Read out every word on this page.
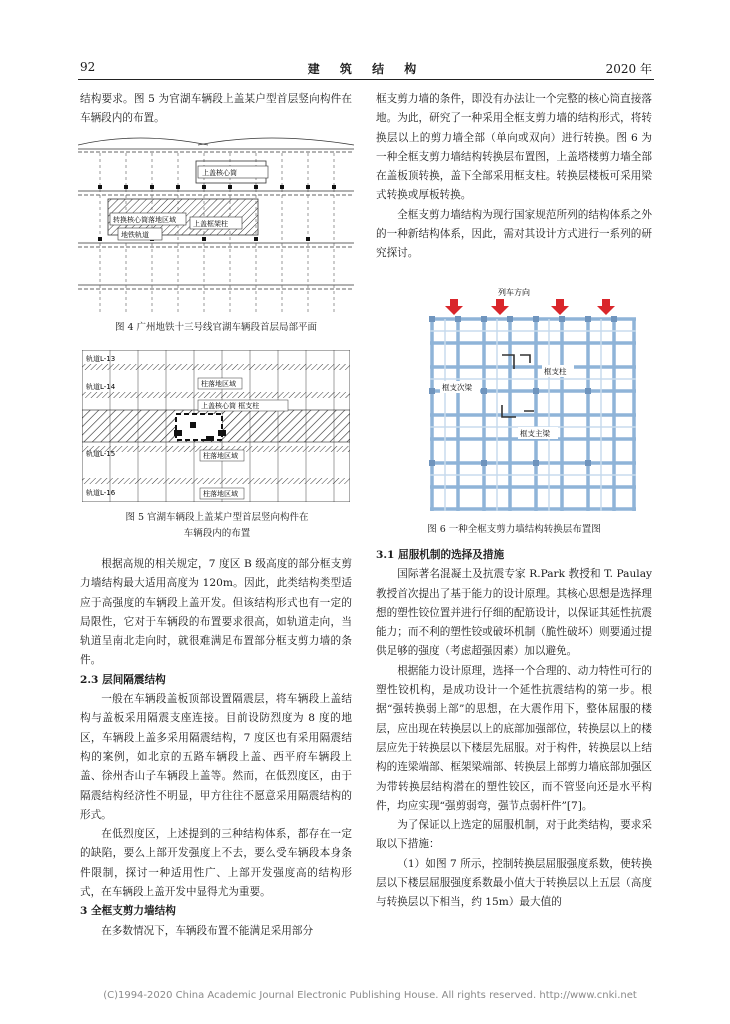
92	建 筑 结 构	2020 年

结构要求。图 5 为官湖车辆段上盖某户型首层竖向构件在车辆段内的布置。

上盖核心筒
转换核心筒落地区域 上盖框架柱
地铁轨道
图 4 广州地铁十三号线官湖车辆段首层局部平面
轨道L-13
轨道L-14
轨道L-15
轨道L-16
柱落地区域
上盖核心筒 框支柱
柱落地区域
柱落地区域
图 5 官湖车辆段上盖某户型首层竖向构件在
车辆段内的布置

根据高规的相关规定，7 度区 B 级高度的部分框支剪力墙结构最大适用高度为 120m。因此，此类结构类型适应于高强度的车辆段上盖开发。但该结构形式也有一定的局限性，它对于车辆段的布置要求很高，如轨道走向，当轨道呈南北走向时，就很难满足布置部分框支剪力墙的条件。

2.3 层间隔震结构

一般在车辆段盖板顶部设置隔震层，将车辆段上盖结构与盖板采用隔震支座连接。目前设防烈度为 8 度的地区，车辆段上盖多采用隔震结构，7 度区也有采用隔震结构的案例，如北京的五路车辆段上盖、西平府车辆段上盖、徐州杏山子车辆段上盖等。然而，在低烈度区，由于隔震结构经济性不明显，甲方往往不愿意采用隔震结构的形式。

在低烈度区，上述提到的三种结构体系，都存在一定的缺陷，要么上部开发强度上不去，要么受车辆段本身条件限制，探讨一种适用性广、上部开发强度高的结构形式，在车辆段上盖开发中显得尤为重要。

3 全框支剪力墙结构

在多数情况下，车辆段布置不能满足采用部分

框支剪力墙的条件，即没有办法让一个完整的核心筒直接落地。为此，研究了一种采用全框支剪力墙的结构形式，将转换层以上的剪力墙全部（单向或双向）进行转换。图 6 为一种全框支剪力墙结构转换层布置图，上盖塔楼剪力墙全部在盖板顶转换，盖下全部采用框支柱。转换层楼板可采用梁式转换或厚板转换。

全框支剪力墙结构为现行国家规范所列的结构体系之外的一种新结构体系，因此，需对其设计方式进行一系列的研究探讨。

列车方向
框支柱
框支次梁
框支主梁
图 6 一种全框支剪力墙结构转换层布置图

3.1 屈服机制的选择及措施

国际著名混凝土及抗震专家 R.Park 教授和 T. Paulay 教授首次提出了基于能力的设计原理。其核心思想是选择理想的塑性铰位置并进行仔细的配筋设计，以保证其延性抗震能力；而不利的塑性铰或破坏机制（脆性破坏）则要通过提供足够的强度（考虑超强因素）加以避免。

根据能力设计原理，选择一个合理的、动力特性可行的塑性铰机构，是成功设计一个延性抗震结构的第一步。根据“强转换弱上部”的思想，在大震作用下，整体屈服的楼层，应出现在转换层以上的底部加强部位，转换层以上的楼层应先于转换层以下楼层先屈服。对于构件，转换层以上结构的连梁端部、框架梁端部、转换层上部剪力墙底部加强区为带转换层结构潜在的塑性铰区，而不管竖向还是水平构件，均应实现“强剪弱弯，强节点弱杆件”[7]。

为了保证以上选定的屈服机制，对于此类结构，要求采取以下措施：

（1）如图 7 所示，控制转换层屈服强度系数，使转换层以下楼层屈服强度系数最小值大于转换层以上五层（高度与转换层以下相当，约 15m）最大值的

(C)1994-2020 China Academic Journal Electronic Publishing House. All rights reserved. http://www.cnki.net
